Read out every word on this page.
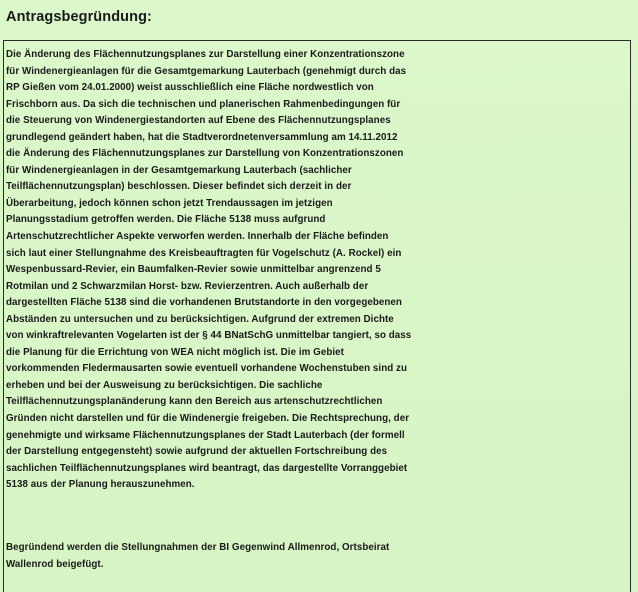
Antragsbegründung:
Die Änderung des Flächennutzungsplanes zur Darstellung einer Konzentrationszone
für Windenergieanlagen für die Gesamtgemarkung Lauterbach (genehmigt durch das
RP Gießen vom 24.01.2000) weist ausschließlich eine Fläche nordwestlich von
Frischborn aus. Da sich die technischen und planerischen Rahmenbedingungen für
die Steuerung von Windenergiestandorten auf Ebene des Flächennutzungsplanes
grundlegend geändert haben, hat die Stadtverordnetenversammlung am 14.11.2012
die Änderung des Flächennutzungsplanes zur Darstellung von Konzentrationszonen
für Windenergieanlagen in der Gesamtgemarkung Lauterbach (sachlicher
Teilflächennutzungsplan) beschlossen. Dieser befindet sich derzeit in der
Überarbeitung, jedoch können schon jetzt Trendaussagen im jetzigen
Planungsstadium getroffen werden. Die Fläche 5138 muss aufgrund
Artenschutzrechtlicher Aspekte verworfen werden. Innerhalb der Fläche befinden
sich laut einer Stellungnahme des Kreisbeauftragten für Vogelschutz (A. Rockel) ein
Wespenbussard-Revier, ein Baumfalken-Revier sowie unmittelbar angrenzend 5
Rotmilan und 2 Schwarzmilan Horst- bzw. Revierzentren. Auch außerhalb der
dargestellten Fläche 5138 sind die vorhandenen Brutstandorte in den vorgegebenen
Abständen zu untersuchen und zu berücksichtigen. Aufgrund der extremen Dichte
von winkraftrelevanten Vogelarten ist der § 44 BNatSchG unmittelbar tangiert, so dass
die Planung für die Errichtung von WEA nicht möglich ist. Die im Gebiet
vorkommenden Fledermausarten sowie eventuell vorhandene Wochenstuben sind zu
erheben und bei der Ausweisung zu berücksichtigen. Die sachliche
Teilflächennutzungsplanänderung kann den Bereich aus artenschutzrechtlichen
Gründen nicht darstellen und für die Windenergie freigeben. Die Rechtsprechung, der
genehmigte und wirksame Flächennutzungsplanes der Stadt Lauterbach (der formell
der Darstellung entgegensteht) sowie aufgrund der aktuellen Fortschreibung des
sachlichen Teilflächennutzungsplanes wird beantragt, das dargestellte Vorranggebiet
5138 aus der Planung herauszunehmen.
Begründend werden die Stellungnahmen der BI Gegenwind Allmenrod, Ortsbeirat
Wallenrod beigefügt.
